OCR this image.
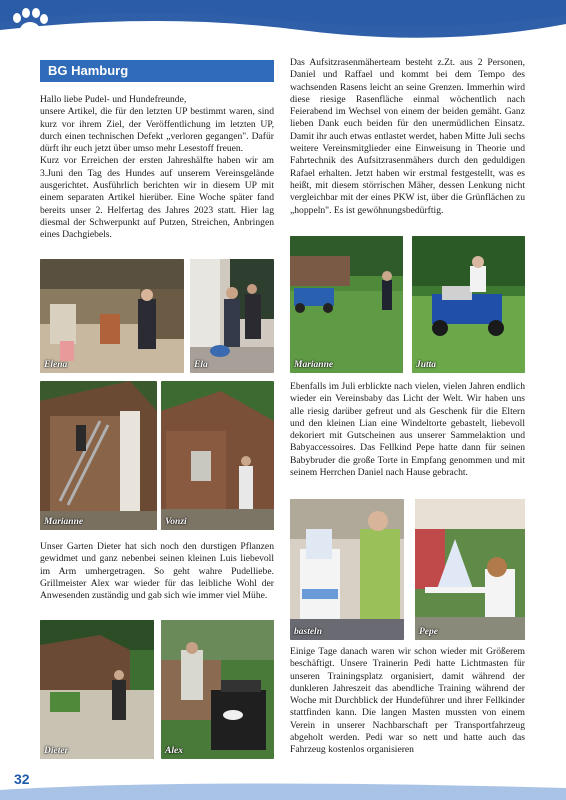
BG Hamburg

Hallo liebe Pudel- und Hundefreunde,

unsere Artikel, die für den letzten UP bestimmt waren, sind kurz vor ihrem Ziel, der Veröffentlichung im letzten UP, durch einen technischen Defekt „verloren gegangen". Dafür dürft ihr euch jetzt über umso mehr Lesestoff freuen.

Kurz vor Erreichen der ersten Jahreshälfte haben wir am 3.Juni den Tag des Hundes auf unserem Vereinsgelände ausgerichtet. Ausführlich berichten wir in diesem UP mit einem separaten Artikel hierüber. Eine Woche später fand bereits unser 2. Helfertag des Jahres 2023 statt. Hier lag diesmal der Schwerpunkt auf Putzen, Streichen, Anbringen eines Dachgiebels.

Elena	Ela	Marianne	Jutta
Marianne	Vonzi
Unser Garten Dieter hat sich noch den durstigen Pflanzen gewidmet und ganz nebenbei seinen kleinen Luis liebevoll im Arm umhergetragen. So geht wahre Pudelliebe. Grillmeister Alex war wieder für das leibliche Wohl der Anwesenden zuständig und gab sich wie immer viel Mühe.
Dieter	Alex
Das Aufsitzrasenmäherteam besteht z.Zt. aus 2 Personen, Daniel und Raffael und kommt bei dem Tempo des wachsenden Rasens leicht an seine Grenzen. Immerhin wird diese riesige Rasenfläche einmal wöchentlich nach Feierabend im Wechsel von einem der beiden gemäht. Ganz lieben Dank euch beiden für den unermüdlichen Einsatz. Damit ihr auch etwas entlastet werdet, haben Mitte Juli sechs weitere Vereinsmitglieder eine Einweisung in Theorie und Fahrtechnik des Aufsitzrasenmähers durch den geduldigen Rafael erhalten. Jetzt haben wir erstmal festgestellt, was es heißt, mit diesem störrischen Mäher, dessen Lenkung nicht vergleichbar mit der eines PKW ist, über die Grünflächen zu „hoppeln". Es ist gewöhnungsbedürftig.
Ebenfalls im Juli erblickte nach vielen, vielen Jahren endlich wieder ein Vereinsbaby das Licht der Welt. Wir haben uns alle riesig darüber gefreut und als Geschenk für die Eltern und den kleinen Lian eine Windeltorte gebastelt, liebevoll dekoriert mit Gutscheinen aus unserer Sammelaktion und Babyaccessoires. Das Fellkind Pepe hatte dann für seinen Babybruder die große Torte in Empfang genommen und mit seinem Herrchen Daniel nach Hause gebracht.
basteln	Pepe
Einige Tage danach waren wir schon wieder mit Größerem beschäftigt. Unsere Trainerin Pedi hatte Lichtmasten für unseren Trainingsplatz organisiert, damit während der dunkleren Jahreszeit das abendliche Training während der Woche mit Durchblick der Hundeführer und ihrer Fellkinder stattfinden kann. Die langen Masten mussten von einem Verein in unserer Nachbarschaft per Transportfahrzeug abgeholt werden. Pedi war so nett und hatte auch das Fahrzeug kostenlos organisieren
32
